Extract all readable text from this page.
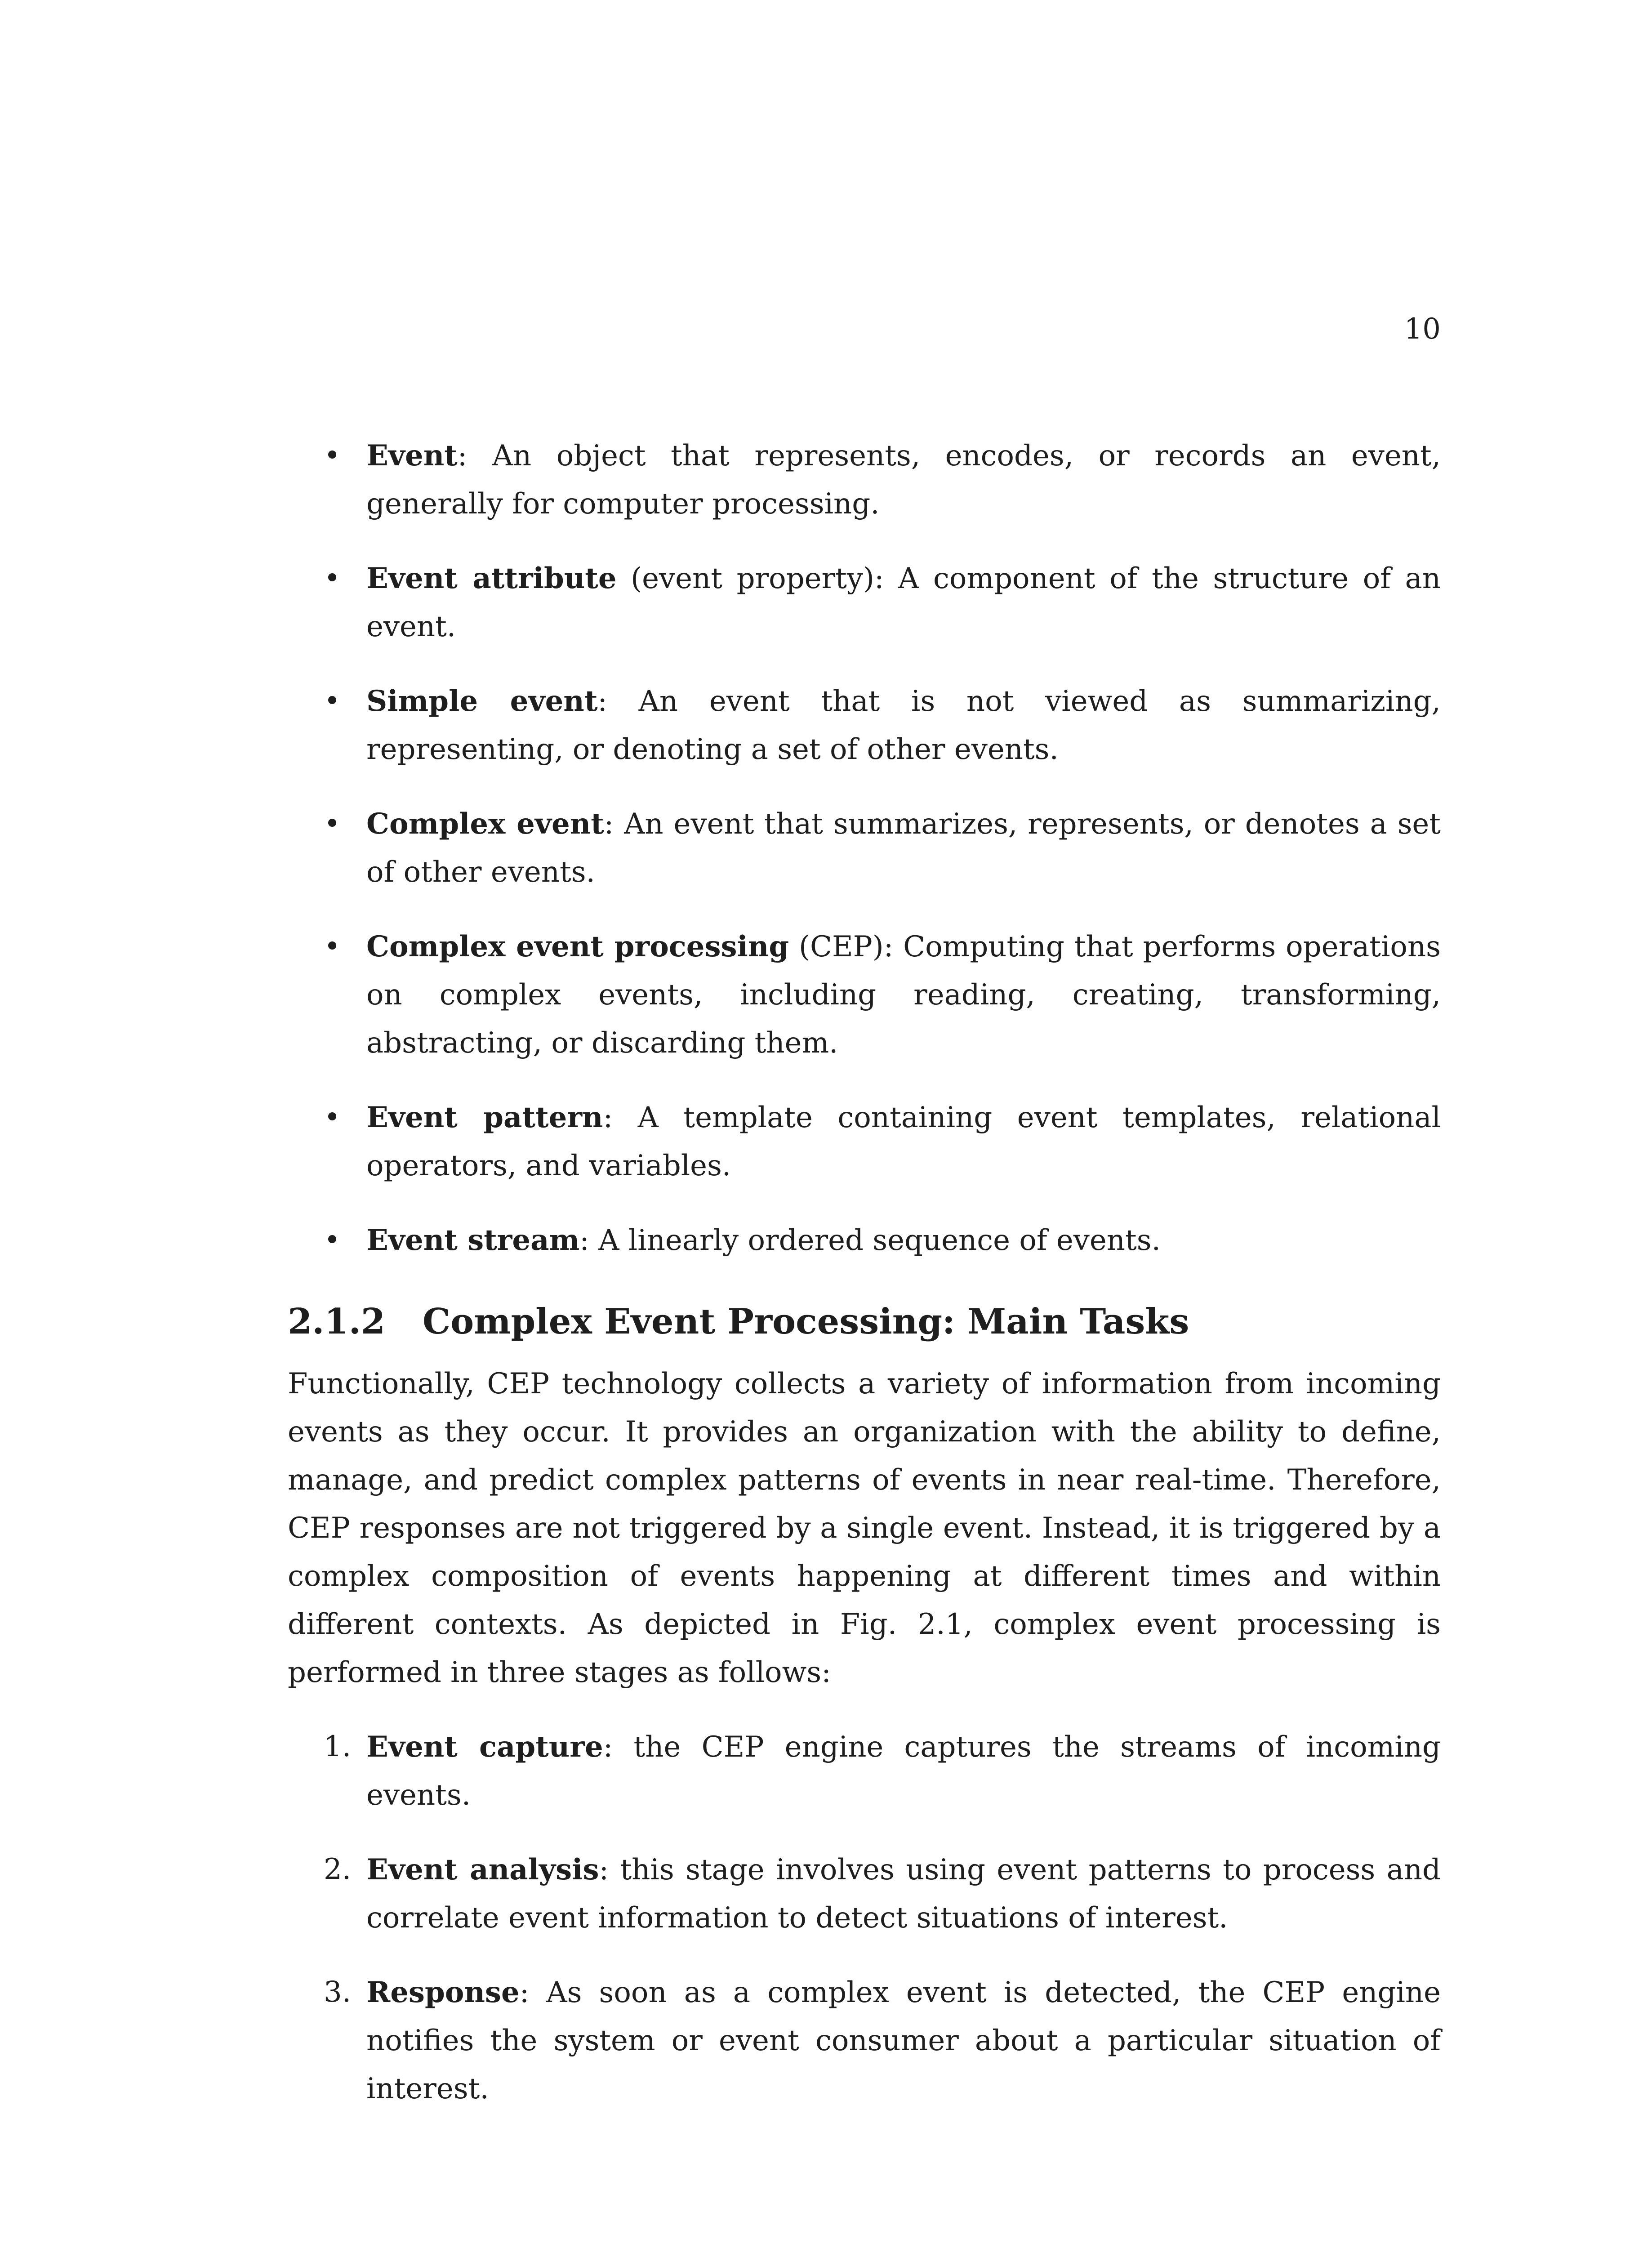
10
Event: An object that represents, encodes, or records an event, generally for computer processing.
Event attribute (event property): A component of the structure of an event.
Simple event: An event that is not viewed as summarizing, representing, or denoting a set of other events.
Complex event: An event that summarizes, represents, or denotes a set of other events.
Complex event processing (CEP): Computing that performs operations on complex events, including reading, creating, transforming, abstracting, or discarding them.
Event pattern: A template containing event templates, relational operators, and variables.
Event stream: A linearly ordered sequence of events.
2.1.2 Complex Event Processing: Main Tasks

Functionally, CEP technology collects a variety of information from incoming events as they occur. It provides an organization with the ability to define, manage, and predict complex patterns of events in near real-time. Therefore, CEP responses are not triggered by a single event. Instead, it is triggered by a complex composition of events happening at different times and within different contexts. As depicted in Fig. 2.1, complex event processing is performed in three stages as follows:

1. Event capture: the CEP engine captures the streams of incoming events.
2. Event analysis: this stage involves using event patterns to process and correlate event information to detect situations of interest.
3. Response: As soon as a complex event is detected, the CEP engine notifies the system or event consumer about a particular situation of interest.
